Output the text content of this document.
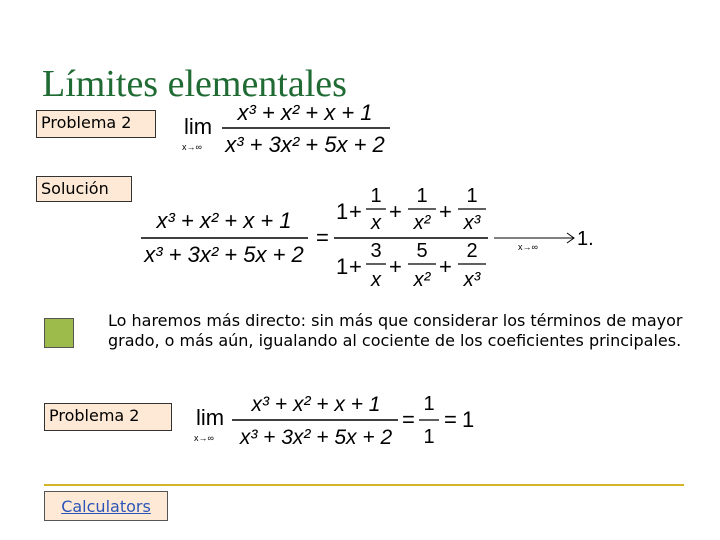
Límites elementales
Problema 2	lim
x→∞
x³ + x² + x + 1
x³ + 3x² + 5x + 2
Solución
x³ + x² + x + 1
x³ + 3x² + 5x + 2
=
1 +
1
x +
1
x² +
1
x³
1 +
3
x
+
5
x²
+
2
x³
x→∞ 1.
Lo haremos más directo: sin más que considerar los términos de mayor grado, o más aún, igualando al cociente de los coeficientes principales.
Problema 2	lim
x→∞
x³ + x² + x + 1
x³ + 3x² + 5x + 2
=
1
1
= 1
Calculators
